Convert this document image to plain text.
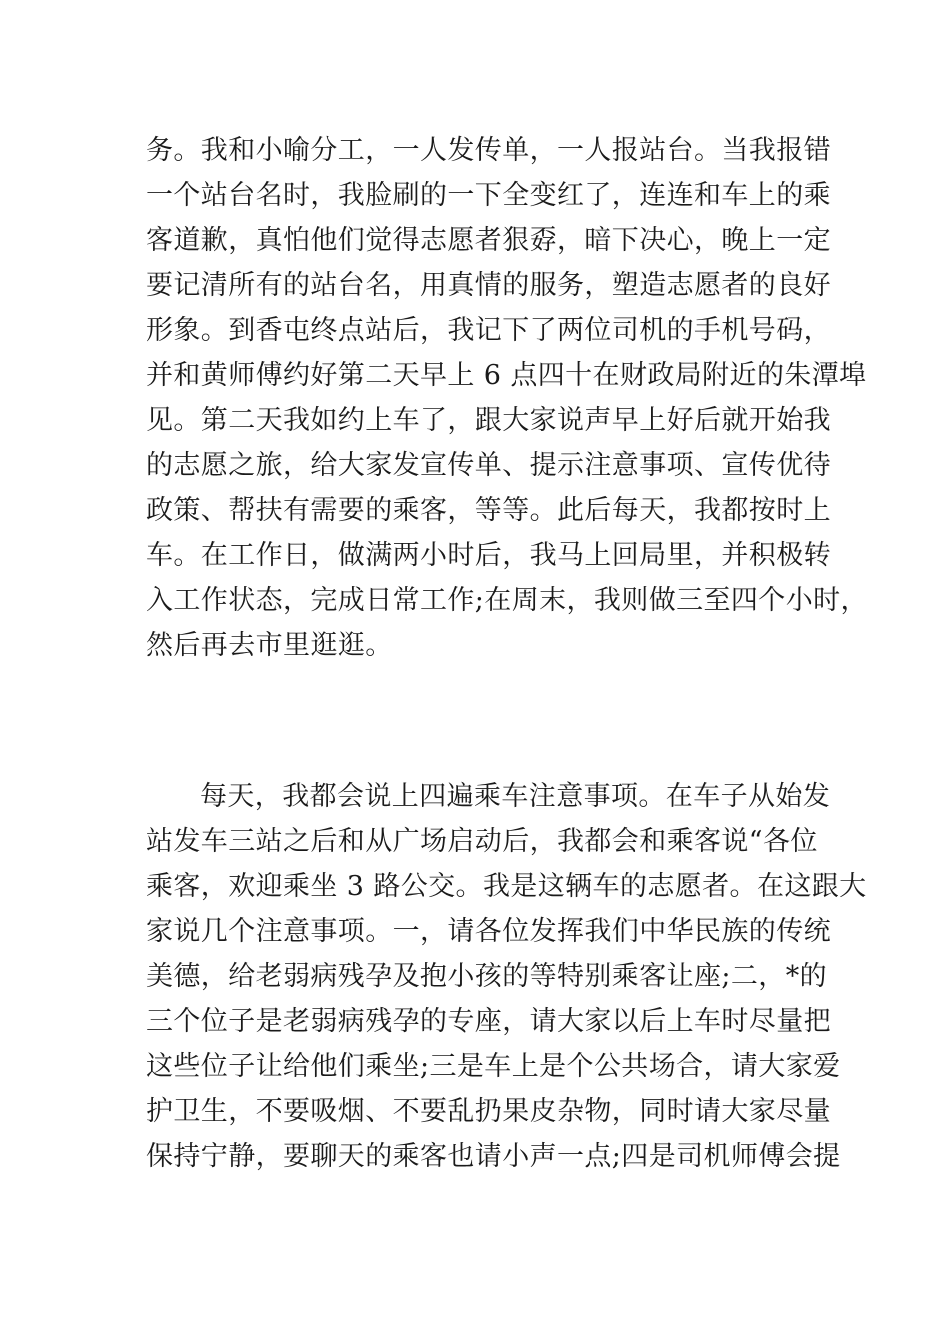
务。我和小喻分工，一人发传单，一人报站台。当我报错
一个站台名时，我脸刷的一下全变红了，连连和车上的乘
客道歉，真怕他们觉得志愿者狠孬，暗下决心，晚上一定
要记清所有的站台名，用真情的服务，塑造志愿者的良好
形象。到香屯终点站后，我记下了两位司机的手机号码，
并和黄师傅约好第二天早上 6 点四十在财政局附近的朱潭埠
见。第二天我如约上车了，跟大家说声早上好后就开始我
的志愿之旅，给大家发宣传单、提示注意事项、宣传优待
政策、帮扶有需要的乘客，等等。此后每天，我都按时上
车。在工作日，做满两小时后，我马上回局里，并积极转
入工作状态，完成日常工作;在周末，我则做三至四个小时，
然后再去市里逛逛。
每天，我都会说上四遍乘车注意事项。在车子从始发
站发车三站之后和从广场启动后，我都会和乘客说“各位
乘客，欢迎乘坐 3 路公交。我是这辆车的志愿者。在这跟大
家说几个注意事项。一，请各位发挥我们中华民族的传统
美德，给老弱病残孕及抱小孩的等特别乘客让座;二，*的
三个位子是老弱病残孕的专座，请大家以后上车时尽量把
这些位子让给他们乘坐;三是车上是个公共场合，请大家爱
护卫生，不要吸烟、不要乱扔果皮杂物，同时请大家尽量
保持宁静，要聊天的乘客也请小声一点;四是司机师傅会提
